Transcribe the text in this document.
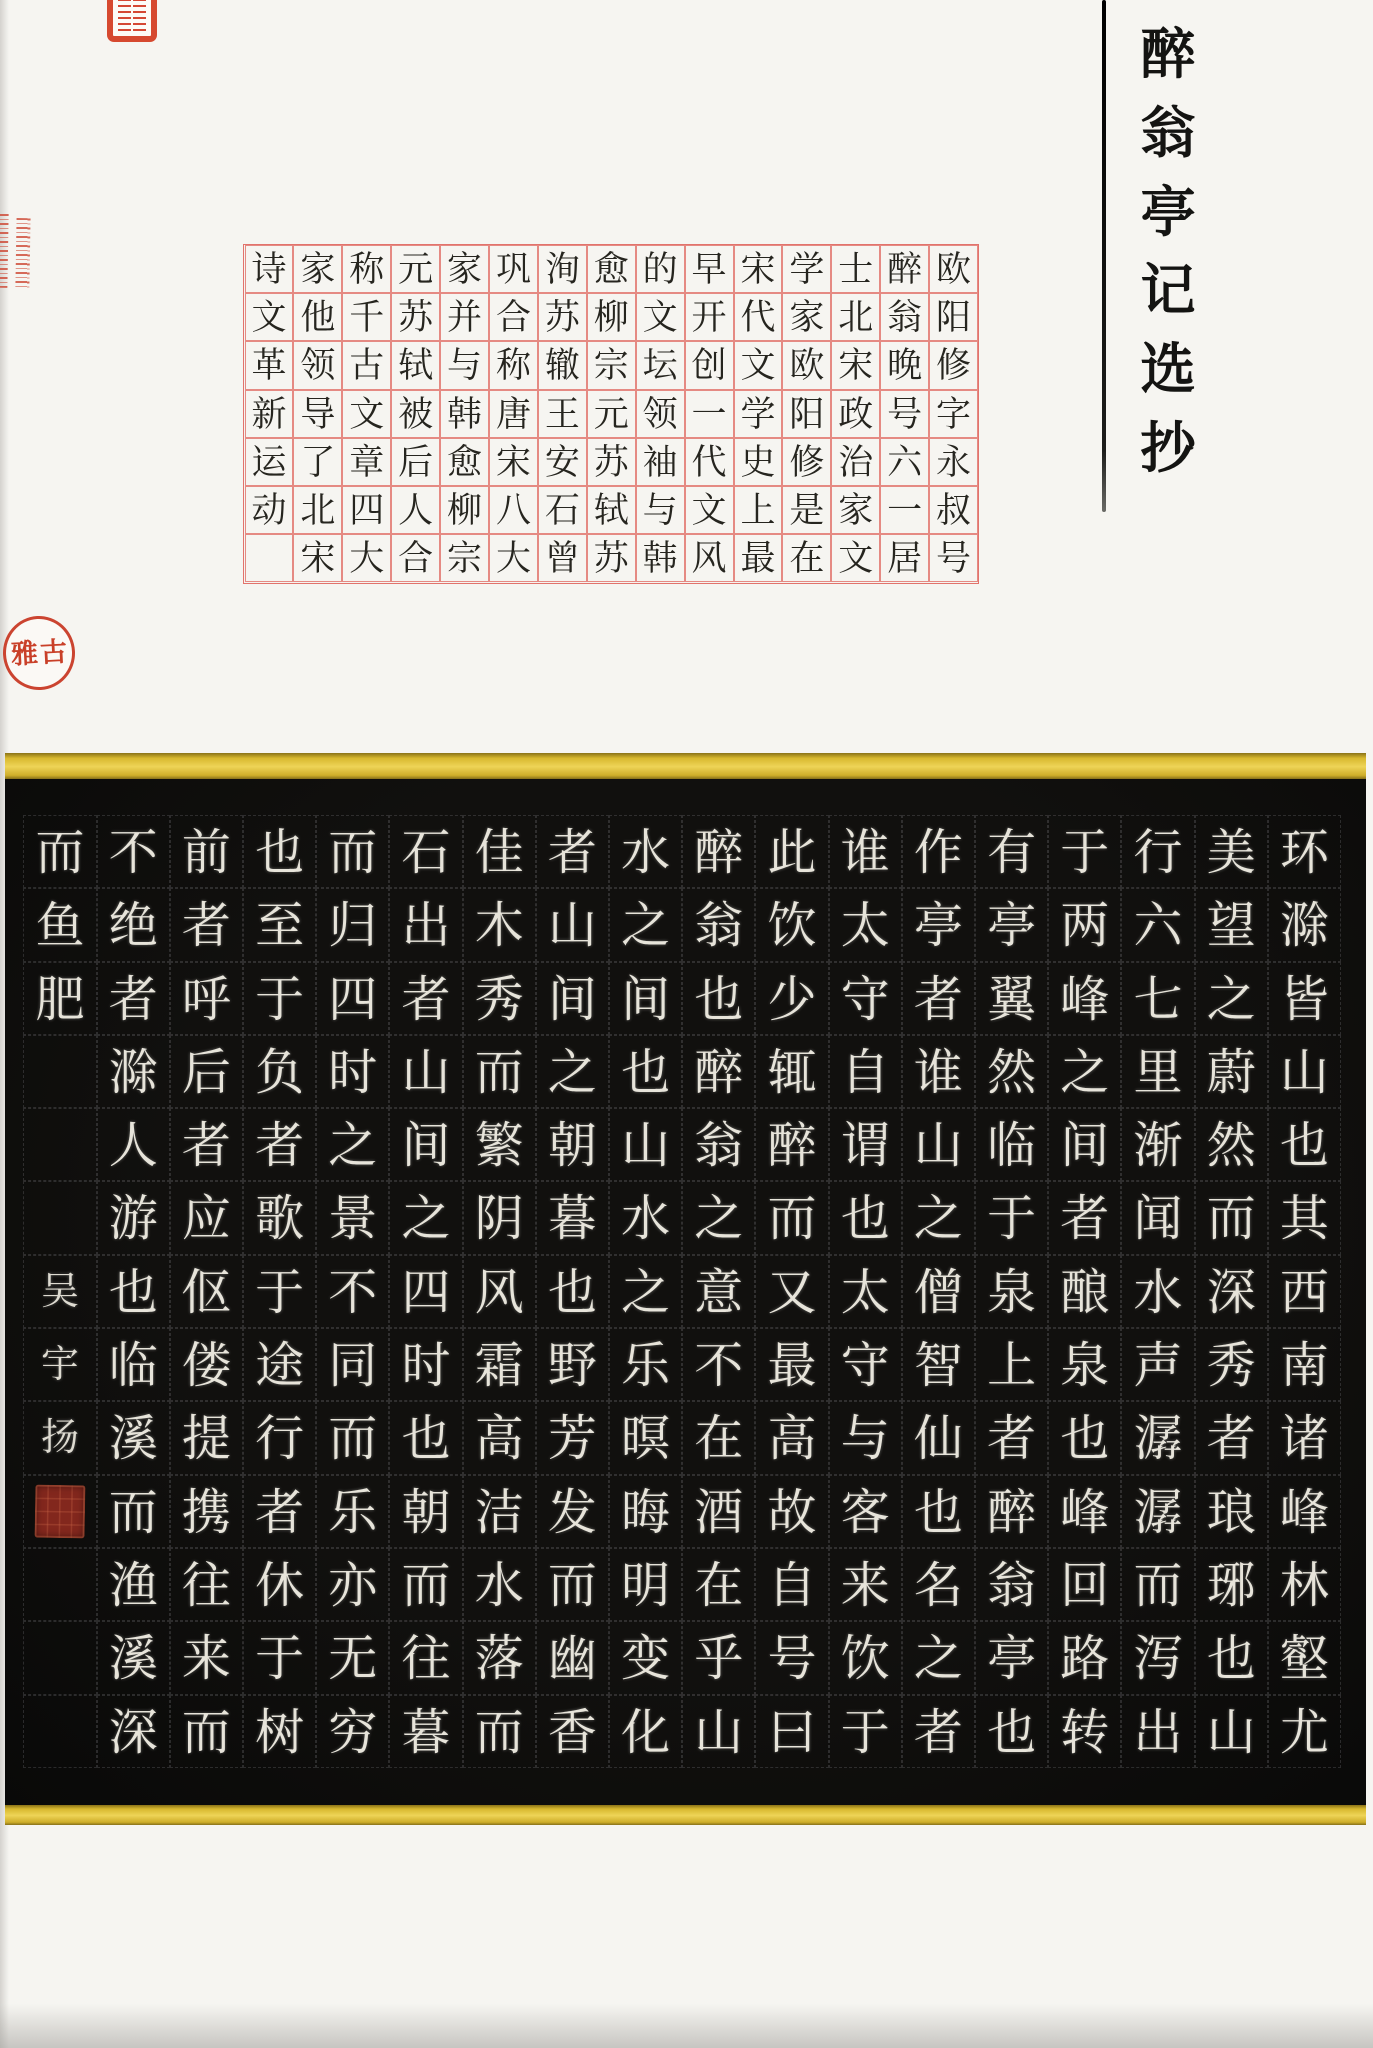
欧
阳
修
字
永
叔
号
醉
翁
晚
号
六
一
居
士
北
宋
政
治
家
文
学
家
欧
阳
修
是
在
宋
代
文
学
史
上
最
早
开
创
一
代
文
风
的
文
坛
领
袖
与
韩
愈
柳
宗
元
苏
轼
苏
洵
苏
辙
王
安
石
曾
巩
合
称
唐
宋
八
大
家
并
与
韩
愈
柳
宗
元
苏
轼
被
后
人
合
称
千
古
文
章
四
大
家
他
领
导
了
北
宋
诗
文
革
新
运
动
雅 古
醉
翁
亭
记
选
抄
环
滁
皆
山
也
其
西
南
诸
峰
林
壑
尤
美
望
之
蔚
然
而
深
秀
者
琅
琊
也
山
行
六
七
里
渐
闻
水
声
潺
潺
而
泻
出
于
两
峰
之
间
者
酿
泉
也
峰
回
路
转
有
亭
翼
然
临
于
泉
上
者
醉
翁
亭
也
作
亭
者
谁
山
之
僧
智
仙
也
名
之
者
谁
太
守
自
谓
也
太
守
与
客
来
饮
于
此
饮
少
辄
醉
而
又
最
高
故
自
号
曰
醉
翁
也
醉
翁
之
意
不
在
酒
在
乎
山
水
之
间
也
山
水
之
乐
暝
晦
明
变
化
者
山
间
之
朝
暮
也
野
芳
发
而
幽
香
佳
木
秀
而
繁
阴
风
霜
高
洁
水
落
而
石
出
者
山
间
之
四
时
也
朝
而
往
暮
而
归
四
时
之
景
不
同
而
乐
亦
无
穷
也
至
于
负
者
歌
于
途
行
者
休
于
树
前
者
呼
后
者
应
伛
偻
提
携
往
来
而
不
绝
者
滁
人
游
也
临
溪
而
渔
溪
深
而
鱼
肥
吴
宇
扬
